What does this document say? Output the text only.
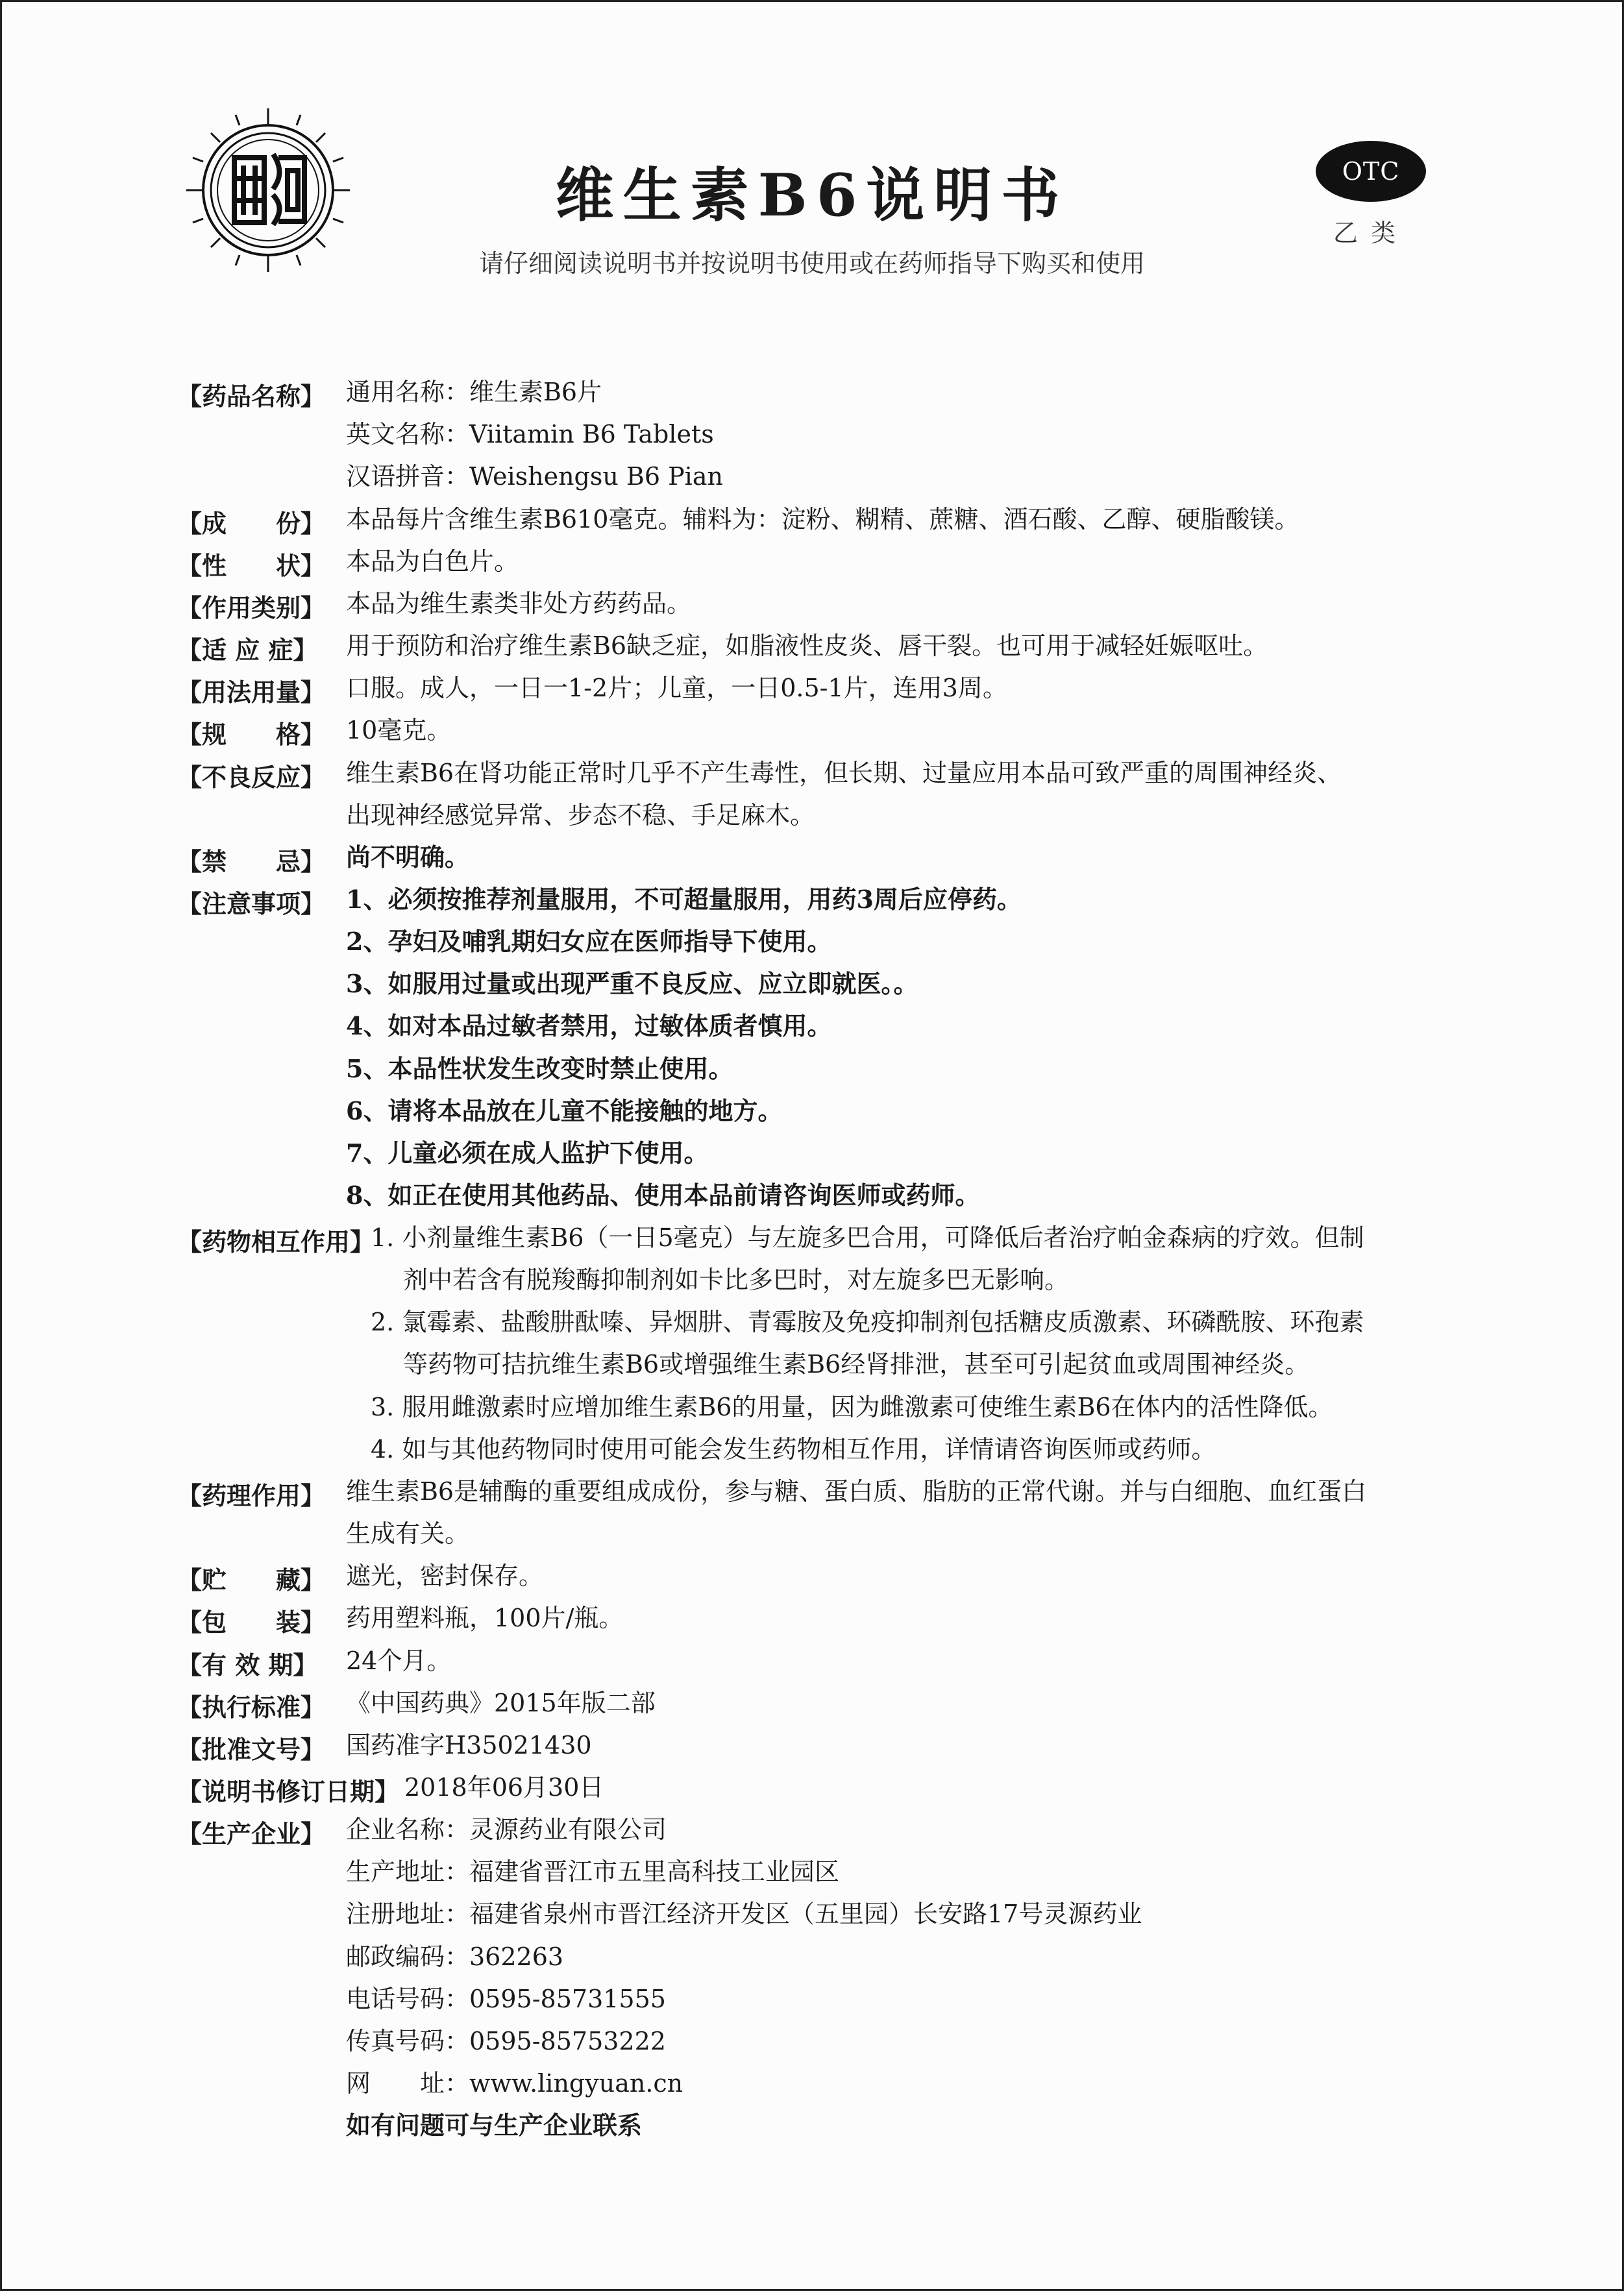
维生素B6说明书
请仔细阅读说明书并按说明书使用或在药师指导下购买和使用
OTC
乙类
【药品名称】 通用名称：维生素B6片
英文名称：Viitamin B6 Tablets
汉语拼音：Weishengsu B6 Pian
【成　　份】 本品每片含维生素B610毫克。辅料为：淀粉、糊精、蔗糖、酒石酸、乙醇、硬脂酸镁。
【性　　状】 本品为白色片。
【作用类别】 本品为维生素类非处方药药品。
【适 应 症】 用于预防和治疗维生素B6缺乏症，如脂液性皮炎、唇干裂。也可用于减轻妊娠呕吐。
【用法用量】 口服。成人，一日一1-2片；儿童，一日0.5-1片，连用3周。
【规　　格】 10毫克。
【不良反应】 维生素B6在肾功能正常时几乎不产生毒性，但长期、过量应用本品可致严重的周围神经炎、
出现神经感觉异常、步态不稳、手足麻木。
【禁　　忌】 尚不明确。
【注意事项】 1、必须按推荐剂量服用，不可超量服用，用药3周后应停药。
2、孕妇及哺乳期妇女应在医师指导下使用。
3、如服用过量或出现严重不良反应、应立即就医。。
4、如对本品过敏者禁用，过敏体质者慎用。
5、本品性状发生改变时禁止使用。
6、请将本品放在儿童不能接触的地方。
7、儿童必须在成人监护下使用。
8、如正在使用其他药品、使用本品前请咨询医师或药师。
【药物相互作用】
1. 小剂量维生素B6（一日5毫克）与左旋多巴合用，可降低后者治疗帕金森病的疗效。但制
剂中若含有脱羧酶抑制剂如卡比多巴时，对左旋多巴无影响。
2. 氯霉素、盐酸肼酞嗪、异烟肼、青霉胺及免疫抑制剂包括糖皮质激素、环磷酰胺、环孢素
等药物可拮抗维生素B6或增强维生素B6经肾排泄，甚至可引起贫血或周围神经炎。
3. 服用雌激素时应增加维生素B6的用量，因为雌激素可使维生素B6在体内的活性降低。
4. 如与其他药物同时使用可能会发生药物相互作用，详情请咨询医师或药师。
【药理作用】 维生素B6是辅酶的重要组成成份，参与糖、蛋白质、脂肪的正常代谢。并与白细胞、血红蛋白
生成有关。
【贮　　藏】 遮光，密封保存。
【包　　装】 药用塑料瓶，100片/瓶。
【有 效 期】 24个月。
【执行标准】 《中国药典》2015年版二部
【批准文号】 国药准字H35021430
【说明书修订日期】 2018年06月30日
【生产企业】 企业名称：灵源药业有限公司
生产地址：福建省晋江市五里高科技工业园区
注册地址：福建省泉州市晋江经济开发区（五里园）长安路17号灵源药业
邮政编码：362263
电话号码：0595-85731555
传真号码：0595-85753222
网　　址：www.lingyuan.cn
如有问题可与生产企业联系
